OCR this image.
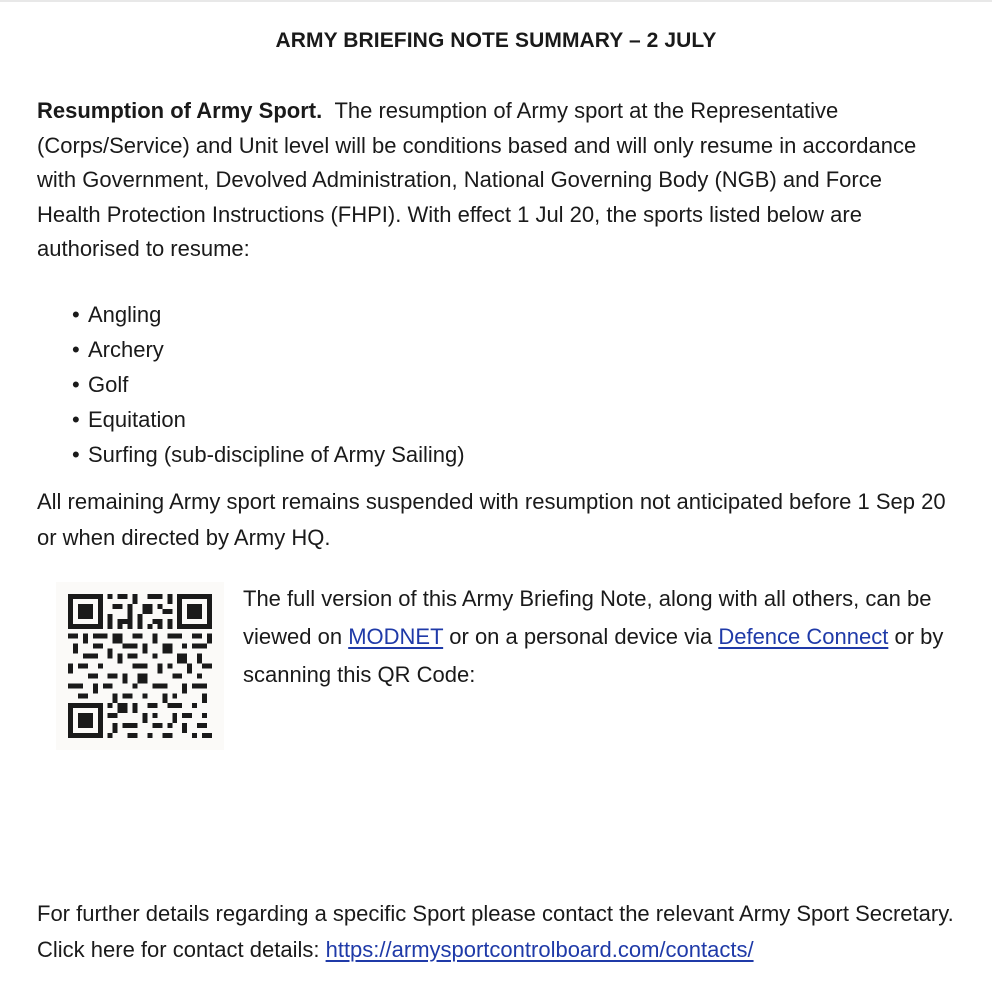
ARMY BRIEFING NOTE SUMMARY – 2 JULY

Resumption of Army Sport. The resumption of Army sport at the Representative (Corps/Service) and Unit level will be conditions based and will only resume in accordance with Government, Devolved Administration, National Governing Body (NGB) and Force Health Protection Instructions (FHPI). With effect 1 Jul 20, the sports listed below are authorised to resume:

• Angling
• Archery
• Golf
• Equitation
• Surfing (sub-discipline of Army Sailing)

All remaining Army sport remains suspended with resumption not anticipated before 1 Sep 20 or when directed by Army HQ.

The full version of this Army Briefing Note, along with all others, can be viewed on MODNET or on a personal device via Defence Connect or by scanning this QR Code:

For further details regarding a specific Sport please contact the relevant Army Sport Secretary. Click here for contact details: https://armysportcontrolboard.com/contacts/
